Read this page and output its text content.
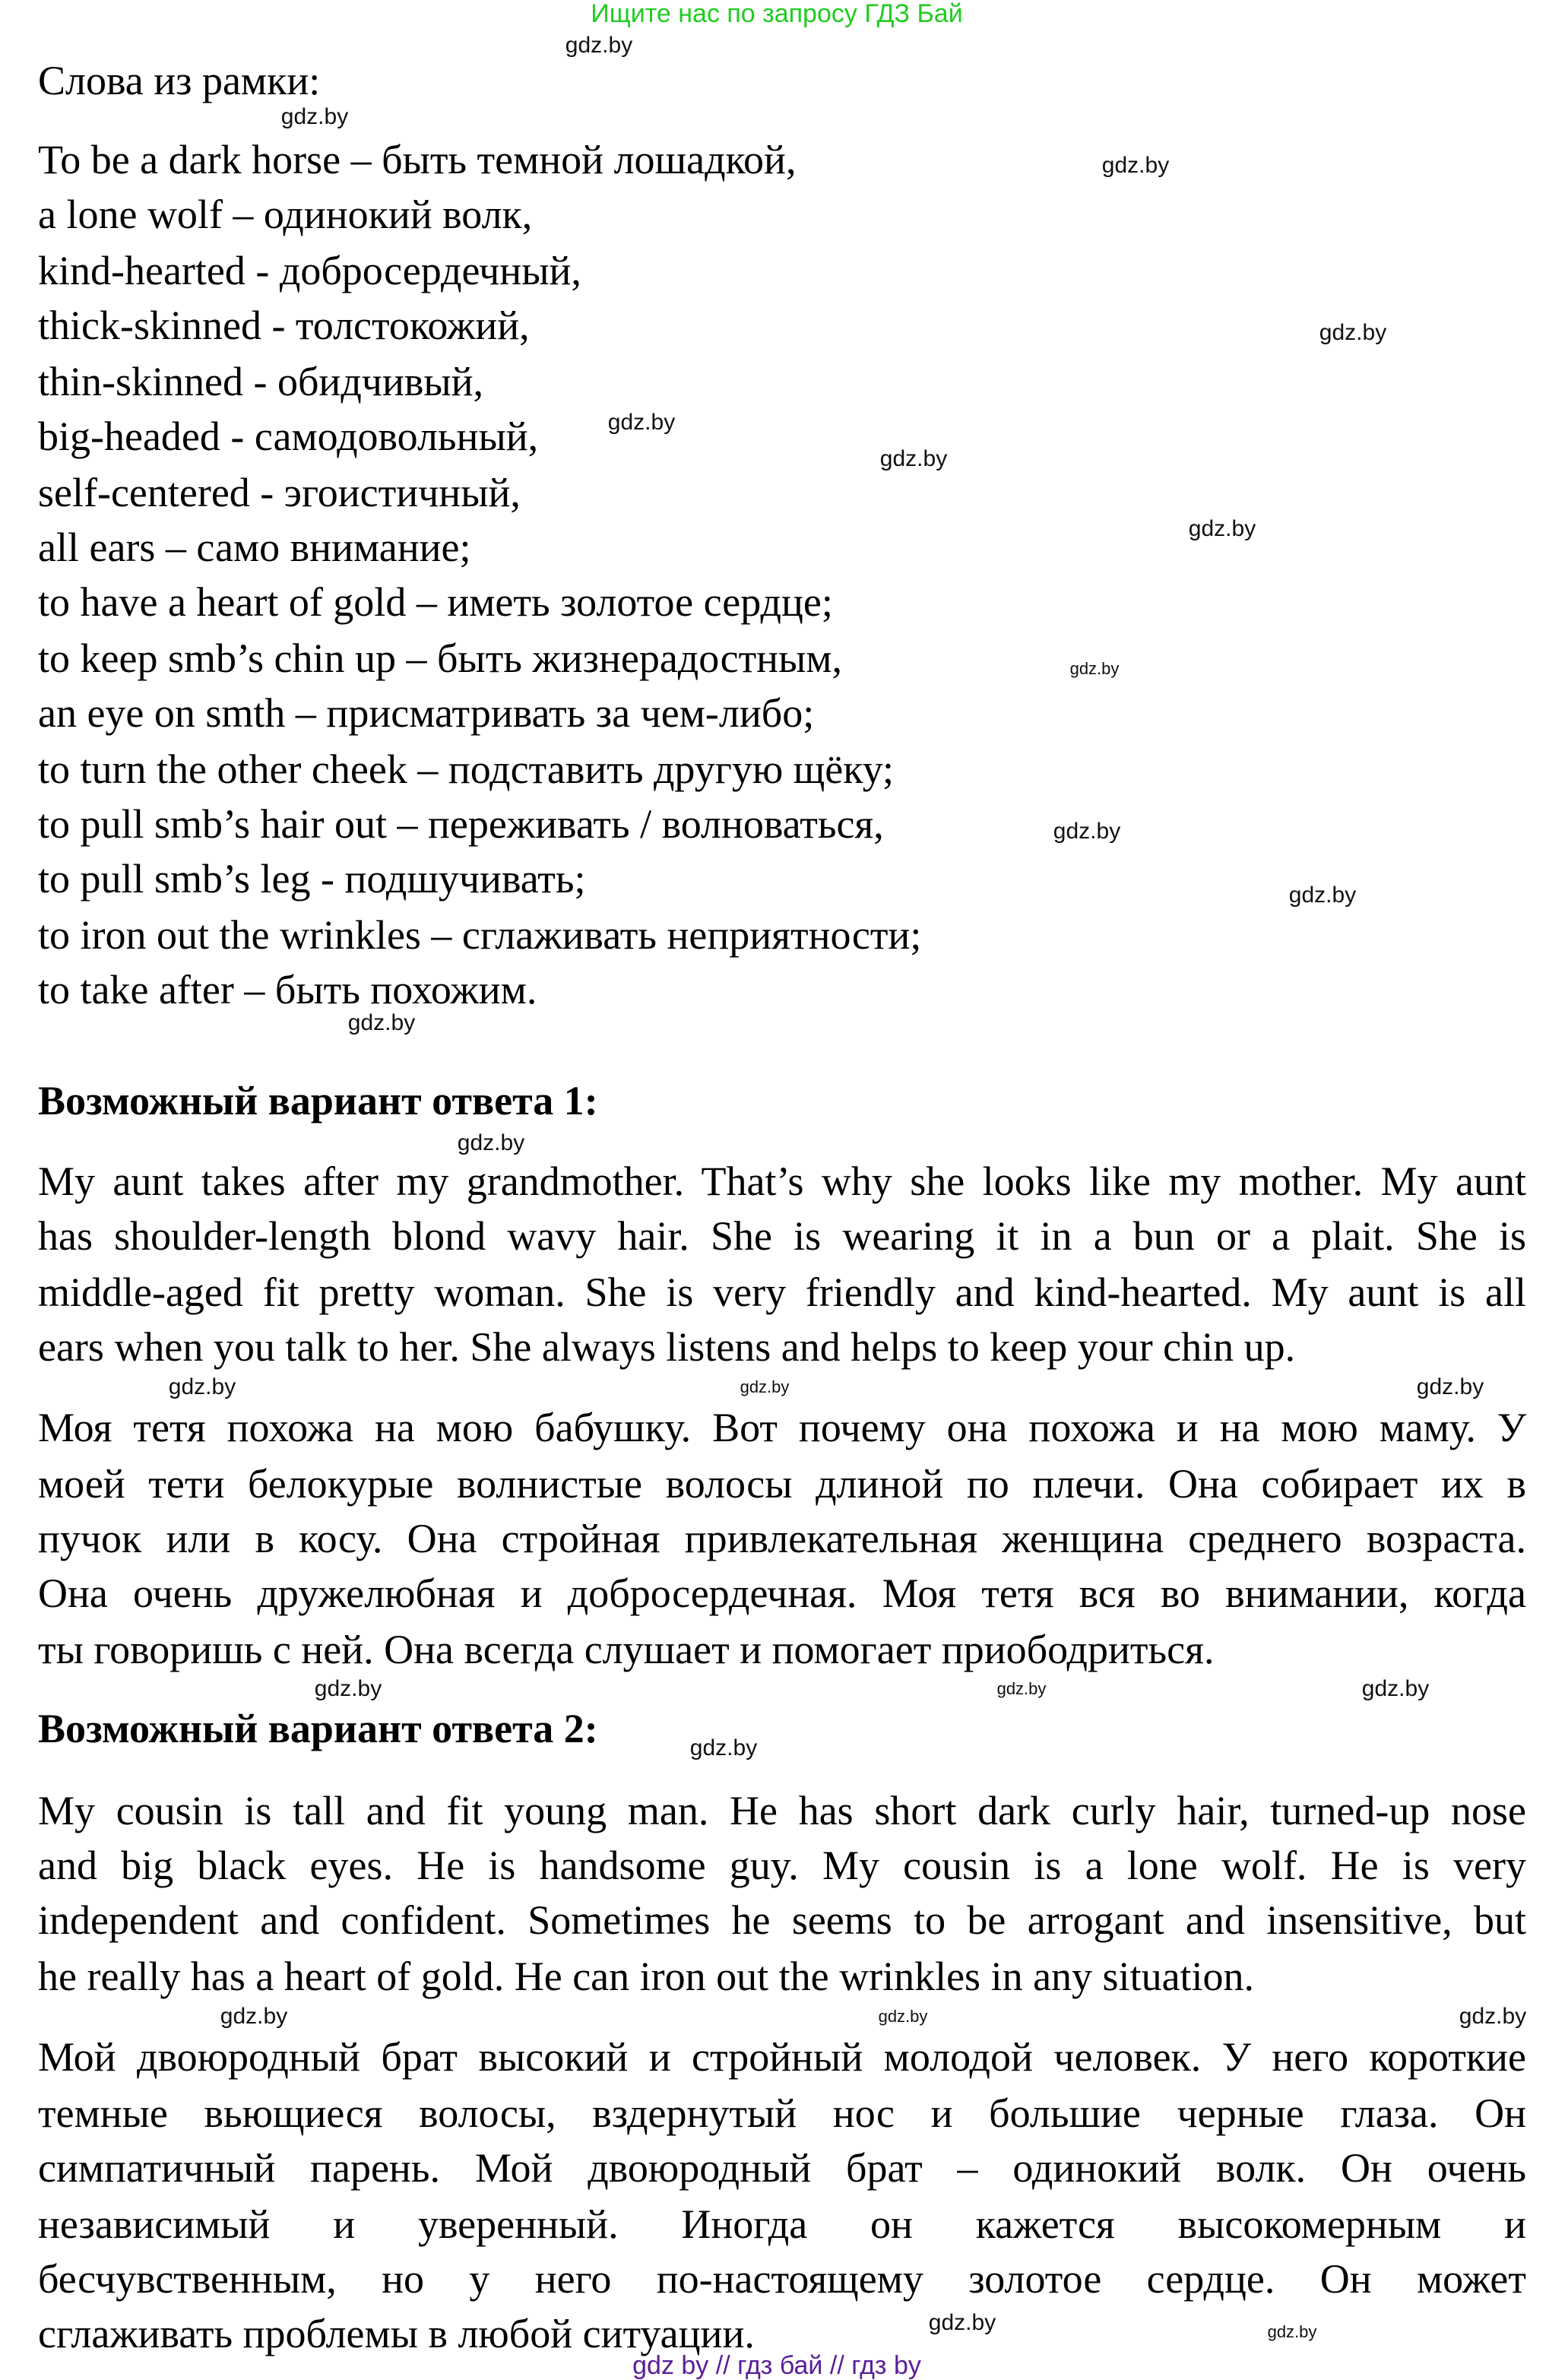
Ищите нас по запросу ГДЗ Бай
Слова из рамки:
To be a dark horse – быть темной лошадкой,
a lone wolf – одинокий волк,
kind-hearted - добросердечный,
thick-skinned - толстокожий,
thin-skinned - обидчивый,
big-headed - самодовольный,
self-centered - эгоистичный,
all ears – само внимание;
to have a heart of gold – иметь золотое сердце;
to keep smb’s chin up – быть жизнерадостным,
an eye on smth – присматривать за чем-либо;
to turn the other cheek – подставить другую щёку;
to pull smb’s hair out – переживать / волноваться,
to pull smb’s leg - подшучивать;
to iron out the wrinkles – сглаживать неприятности;
to take after – быть похожим.
Возможный вариант ответа 1:
My aunt takes after my grandmother. That’s why she looks like my mother. My aunt
has shoulder-length blond wavy hair. She is wearing it in a bun or a plait. She is
middle-aged fit pretty woman. She is very friendly and kind-hearted. My aunt is all
ears when you talk to her. She always listens and helps to keep your chin up.
Моя тетя похожа на мою бабушку. Вот почему она похожа и на мою маму. У
моей тети белокурые волнистые волосы длиной по плечи. Она собирает их в
пучок или в косу. Она стройная привлекательная женщина среднего возраста.
Она очень дружелюбная и добросердечная. Моя тетя вся во внимании, когда
ты говоришь с ней. Она всегда слушает и помогает приободриться.
Возможный вариант ответа 2:
My cousin is tall and fit young man. He has short dark curly hair, turned-up nose
and big black eyes. He is handsome guy. My cousin is a lone wolf. He is very
independent and confident. Sometimes he seems to be arrogant and insensitive, but
he really has a heart of gold. He can iron out the wrinkles in any situation.
Мой двоюродный брат высокий и стройный молодой человек. У него короткие
темные вьющиеся волосы, вздернутый нос и большие черные глаза. Он
симпатичный парень. Мой двоюродный брат – одинокий волк. Он очень
независимый и уверенный. Иногда он кажется высокомерным и
бесчувственным, но у него по-настоящему золотое сердце. Он может
сглаживать проблемы в любой ситуации.
gdz.by
gdz.by
gdz.by
gdz.by
gdz.by
gdz.by
gdz.by
gdz.by
gdz.by
gdz.by
gdz.by
gdz.by
gdz.by	gdz.by
gdz.by
gdz.by	gdz.by
gdz.by
gdz.by
gdz.by	gdz.by
gdz.by
gdz.by
gdz.by
gdz by // гдз бай // гдз by
